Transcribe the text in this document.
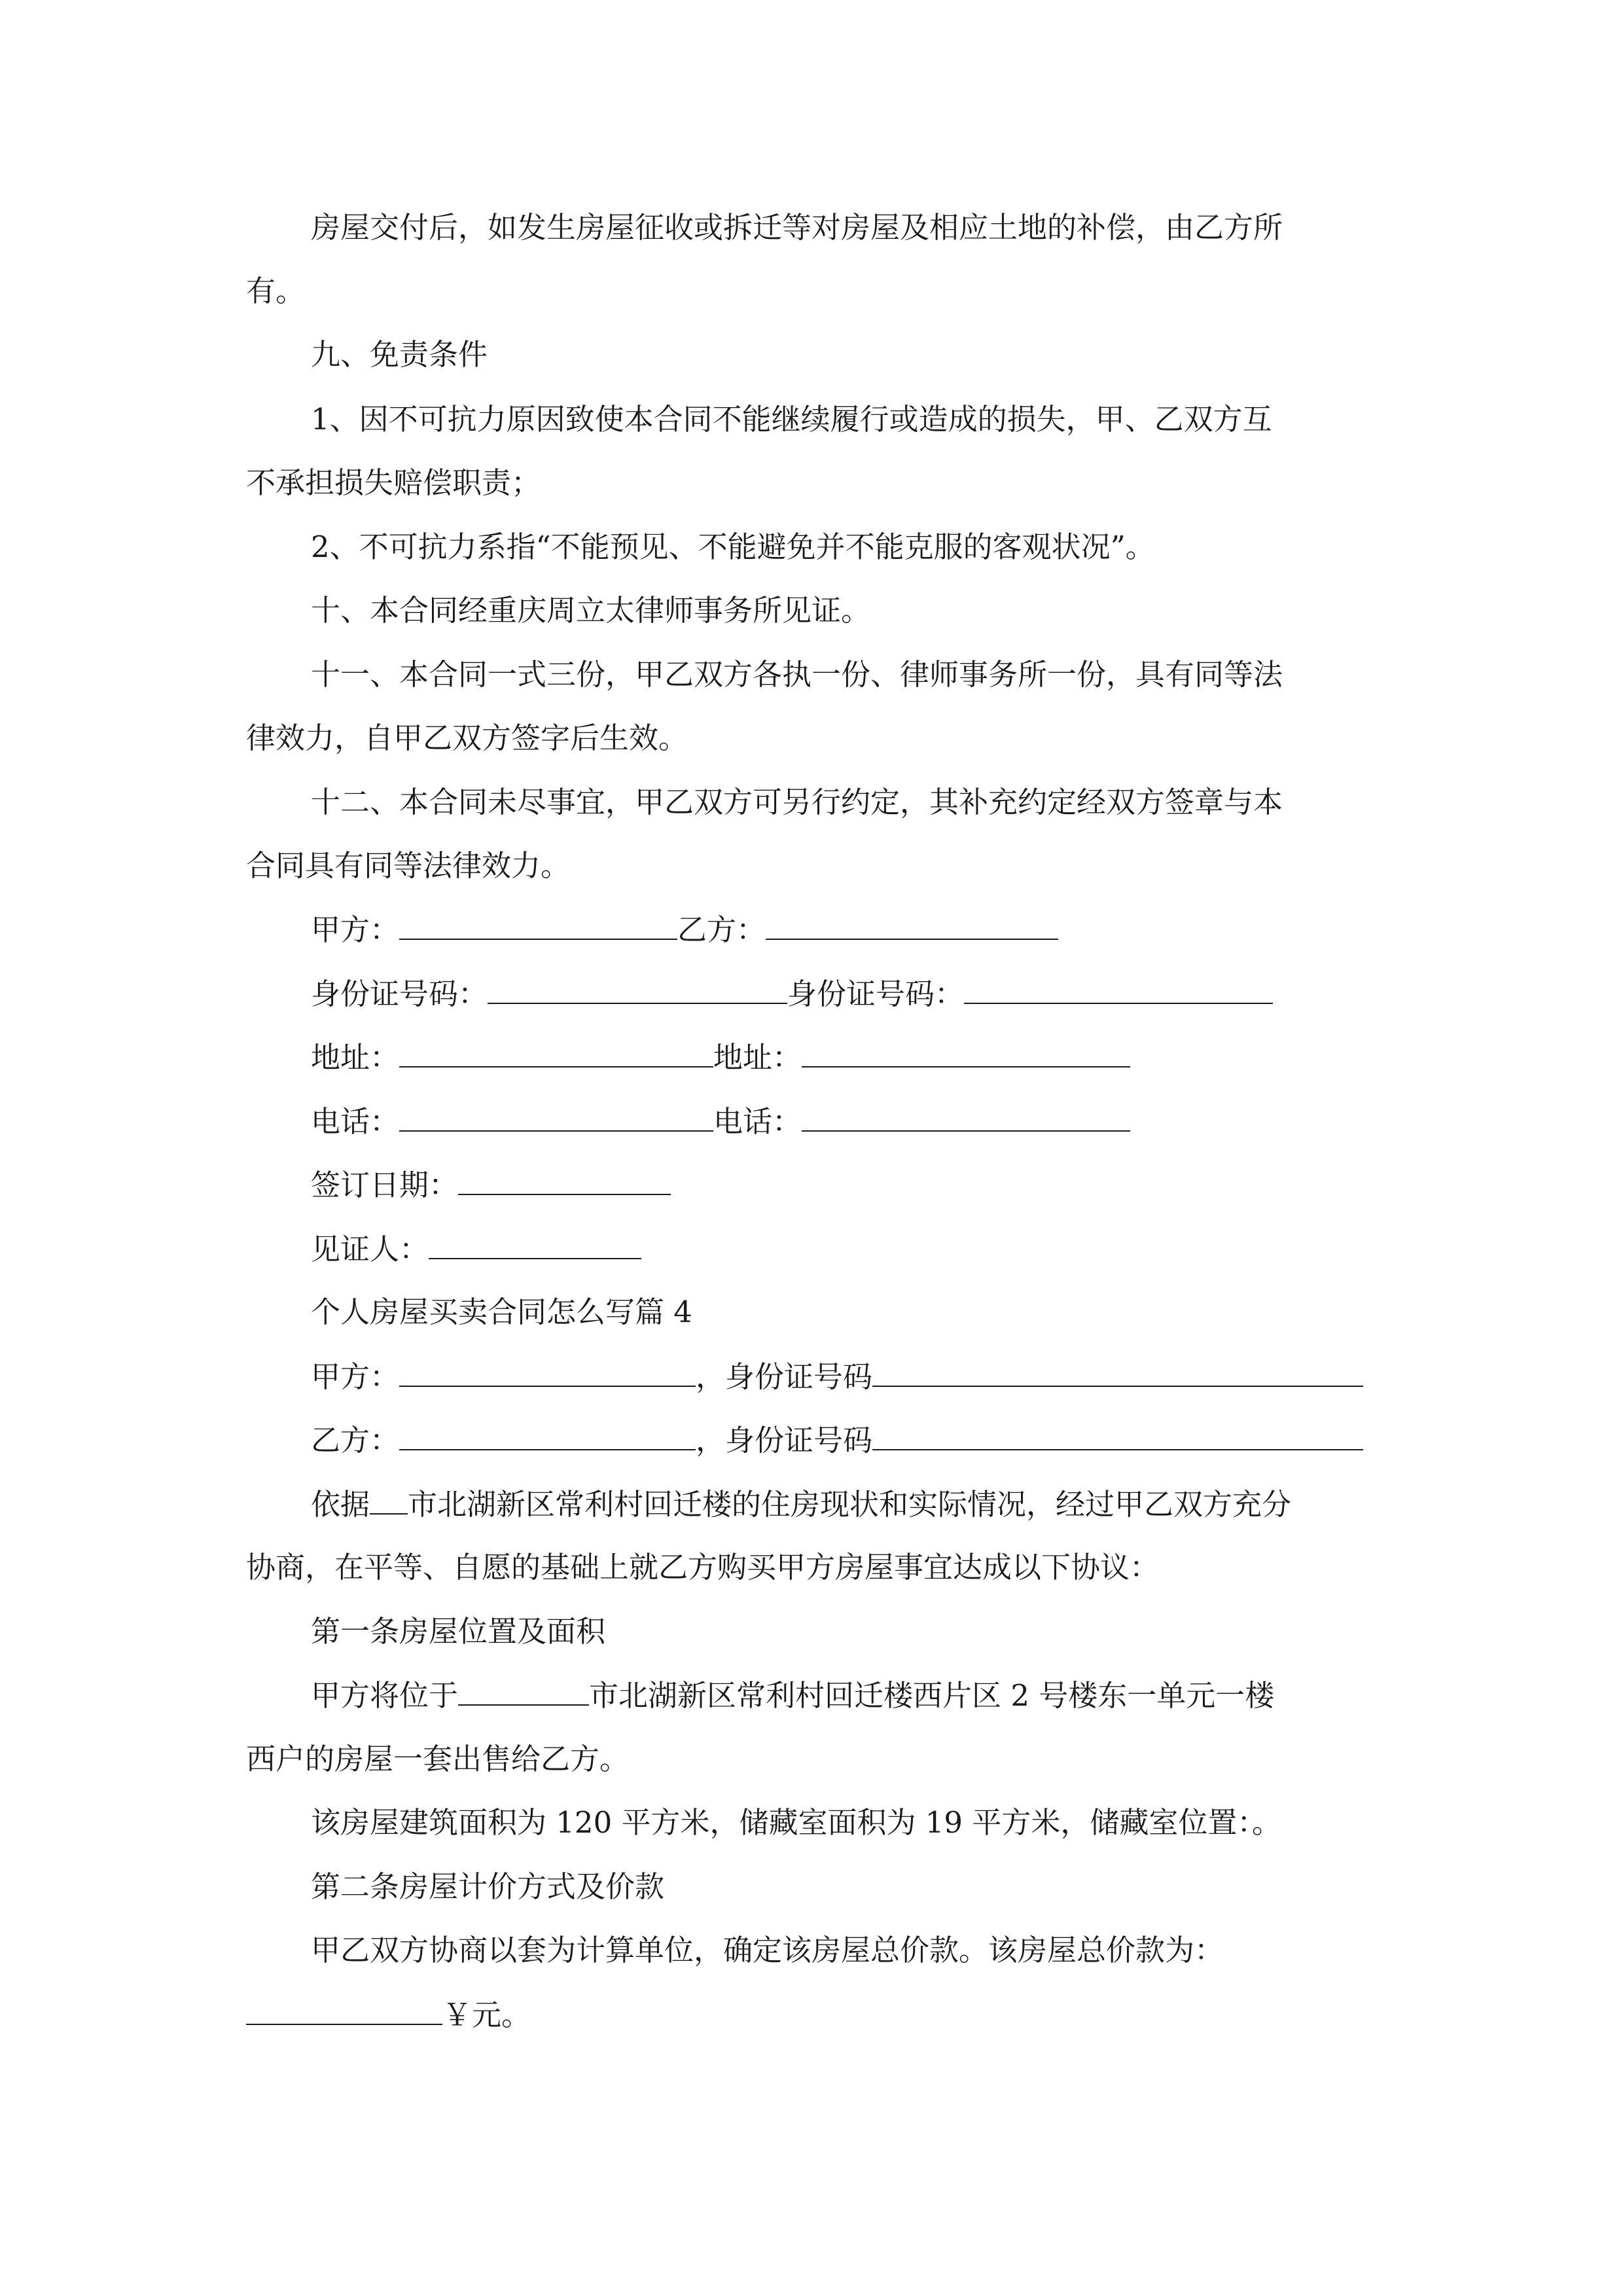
房屋交付后，如发生房屋征收或拆迁等对房屋及相应土地的补偿，由乙方所
有。
九、免责条件
1、因不可抗力原因致使本合同不能继续履行或造成的损失，甲、乙双方互
不承担损失赔偿职责；
2、不可抗力系指“不能预见、不能避免并不能克服的客观状况”。
十、本合同经重庆周立太律师事务所见证。
十一、本合同一式三份，甲乙双方各执一份、律师事务所一份，具有同等法
律效力，自甲乙双方签字后生效。
十二、本合同未尽事宜，甲乙双方可另行约定，其补充约定经双方签章与本
合同具有同等法律效力。
甲方：	乙方：
身份证号码：	身份证号码：
地址：	地址：
电话：	电话：
签订日期：
见证人：
个人房屋买卖合同怎么写篇 4
甲方：	，身份证号码
乙方：	，身份证号码
依据 市北湖新区常利村回迁楼的住房现状和实际情况，经过甲乙双方充分
协商，在平等、自愿的基础上就乙方购买甲方房屋事宜达成以下协议：
第一条房屋位置及面积
甲方将位于	市北湖新区常利村回迁楼西片区 2 号楼东一单元一楼
西户的房屋一套出售给乙方。
该房屋建筑面积为 120 平方米，储藏室面积为 19 平方米，储藏室位置：。
第二条房屋计价方式及价款
甲乙双方协商以套为计算单位，确定该房屋总价款。该房屋总价款为：
￥元。
